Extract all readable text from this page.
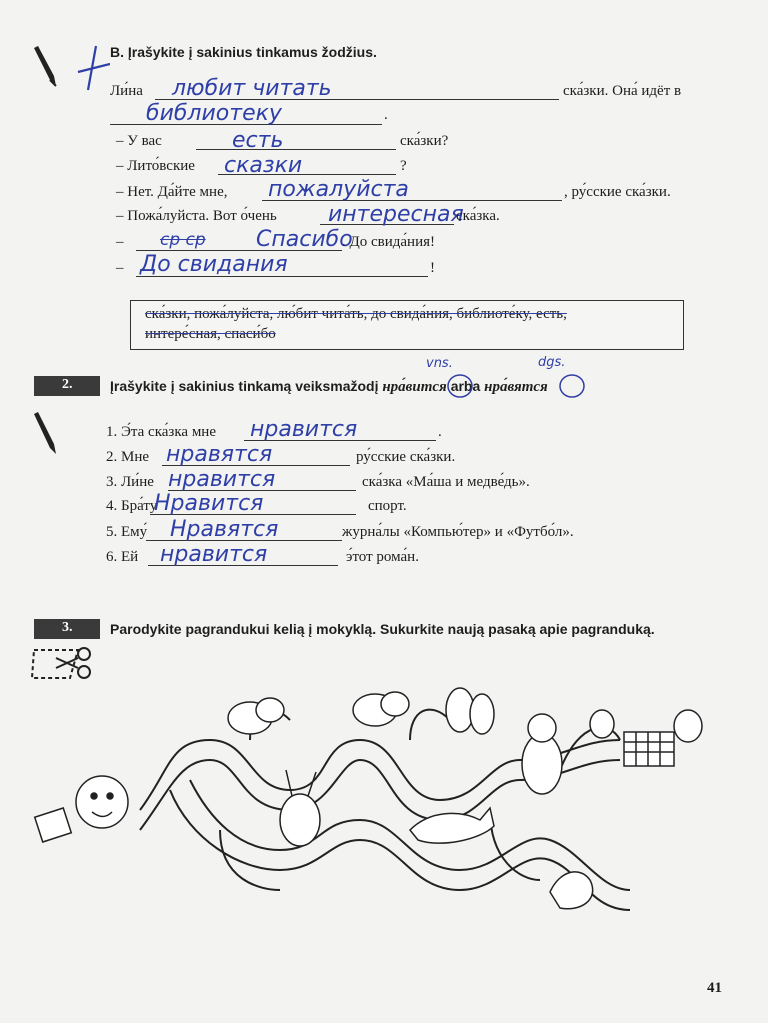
B. Įrašykite į sakinius tinkamus žodžius.
Ли́на любит читать	ска́зки. Она́ идёт в
библиотеку	.
– У вас	есть	ска́зки?
– Лито́вские сказки	?
– Нет. Да́йте мне, пожалуйста	, ру́сские ска́зки.
– Пожа́луйста. Вот о́чень интересная
ска́зка.
– ср ср Спасибо
. До свида́ния!
– До свидания	!
ска́зки, пожа́луйста, лю́бит чита́ть, до свида́ния, библиоте́ку, есть,
интере́сная, спаси́бо
2.	Įrašykite į sakinius tinkamą veiksmažodį нра́вится arba нра́вятся
vns.	dgs.
1. Э́та ска́зка мне нравится	.
2. Мне нравятся	ру́сские ска́зки.
3. Ли́не нравится	ска́зка «Ма́ша и медве́дь».
4. Бра́ту
Нравится	спорт.
5. Ему́ Нравятся	журна́лы «Компью́тер» и «Футбо́л».
6. Ей нравится	э́тот рома́н.
3.	Parodykite pagrandukui kelią į mokyklą. Sukurkite naują pasaką apie pagranduką.
41
